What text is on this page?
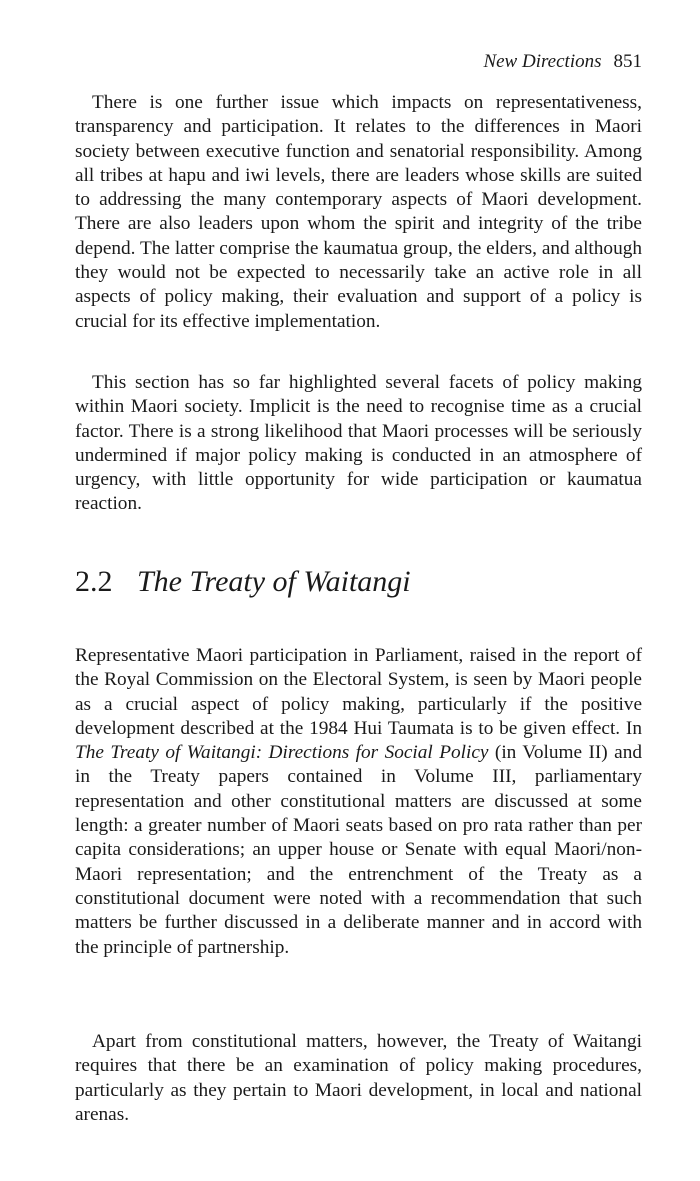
New Directions 851

There is one further issue which impacts on representativeness, transparency and participation. It relates to the differences in Maori society between executive function and senatorial responsibility. Among all tribes at hapu and iwi levels, there are leaders whose skills are suited to addressing the many contemporary aspects of Maori development. There are also leaders upon whom the spirit and integrity of the tribe depend. The latter comprise the kaumatua group, the elders, and although they would not be expected to necessarily take an active role in all aspects of policy making, their evaluation and support of a policy is crucial for its effective implementation.

This section has so far highlighted several facets of policy making within Maori society. Implicit is the need to recognise time as a crucial factor. There is a strong likelihood that Maori processes will be seriously undermined if major policy making is conducted in an atmosphere of urgency, with little opportunity for wide participation or kaumatua reaction.

2.2 The Treaty of Waitangi

Representative Maori participation in Parliament, raised in the report of the Royal Commission on the Electoral System, is seen by Maori people as a crucial aspect of policy making, particularly if the positive development described at the 1984 Hui Taumata is to be given effect. In The Treaty of Waitangi: Directions for Social Policy (in Volume II) and in the Treaty papers contained in Volume III, parliamentary representation and other constitutional matters are discussed at some length: a greater number of Maori seats based on pro rata rather than per capita considerations; an upper house or Senate with equal Maori/non-Maori representation; and the entrenchment of the Treaty as a constitutional document were noted with a recommendation that such matters be further discussed in a deliberate manner and in accord with the principle of partnership.

Apart from constitutional matters, however, the Treaty of Waitangi requires that there be an examination of policy making procedures, particularly as they pertain to Maori development, in local and national arenas.
